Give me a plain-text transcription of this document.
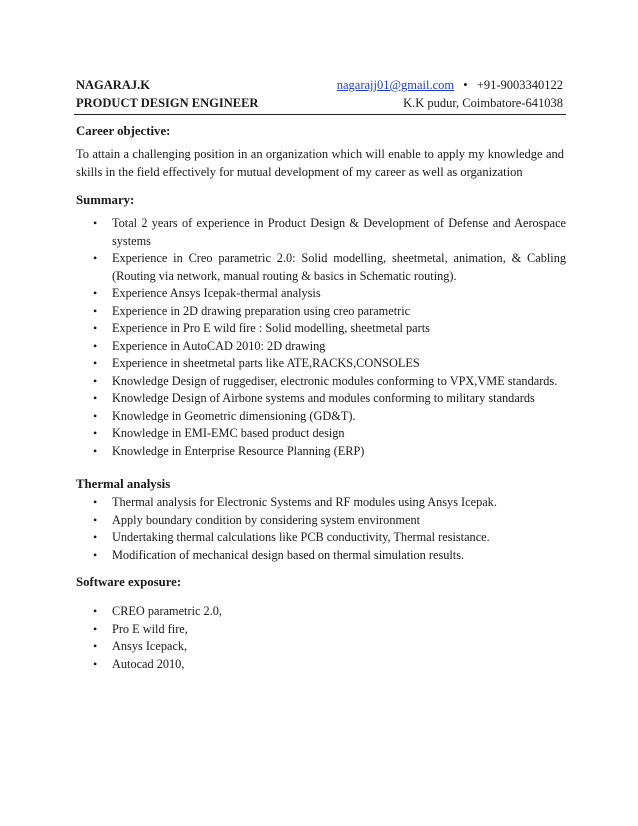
NAGARAJ.K	nagarajj01@gmail.com • +91-9003340122
PRODUCT DESIGN ENGINEER	K.K pudur, Coimbatore-641038
Career objective:

To attain a challenging position in an organization which will enable to apply my knowledge and skills in the field effectively for mutual development of my career as well as organization

Summary:
• Total 2 years of experience in Product Design & Development of Defense and Aerospace systems
• Experience in Creo parametric 2.0: Solid modelling, sheetmetal, animation, & Cabling (Routing via network, manual routing & basics in Schematic routing).
• Experience Ansys Icepak-thermal analysis
• Experience in 2D drawing preparation using creo parametric
• Experience in Pro E wild fire : Solid modelling, sheetmetal parts
• Experience in AutoCAD 2010: 2D drawing
• Experience in sheetmetal parts like ATE,RACKS,CONSOLES
• Knowledge Design of ruggediser, electronic modules conforming to VPX,VME standards.
• Knowledge Design of Airbone systems and modules conforming to military standards
• Knowledge in Geometric dimensioning (GD&T).
• Knowledge in EMI-EMC based product design
• Knowledge in Enterprise Resource Planning (ERP)
Thermal analysis
• Thermal analysis for Electronic Systems and RF modules using Ansys Icepak.
• Apply boundary condition by considering system environment
• Undertaking thermal calculations like PCB conductivity, Thermal resistance.
• Modification of mechanical design based on thermal simulation results.
Software exposure:
• CREO parametric 2.0,
• Pro E wild fire,
• Ansys Icepack,
• Autocad 2010,
